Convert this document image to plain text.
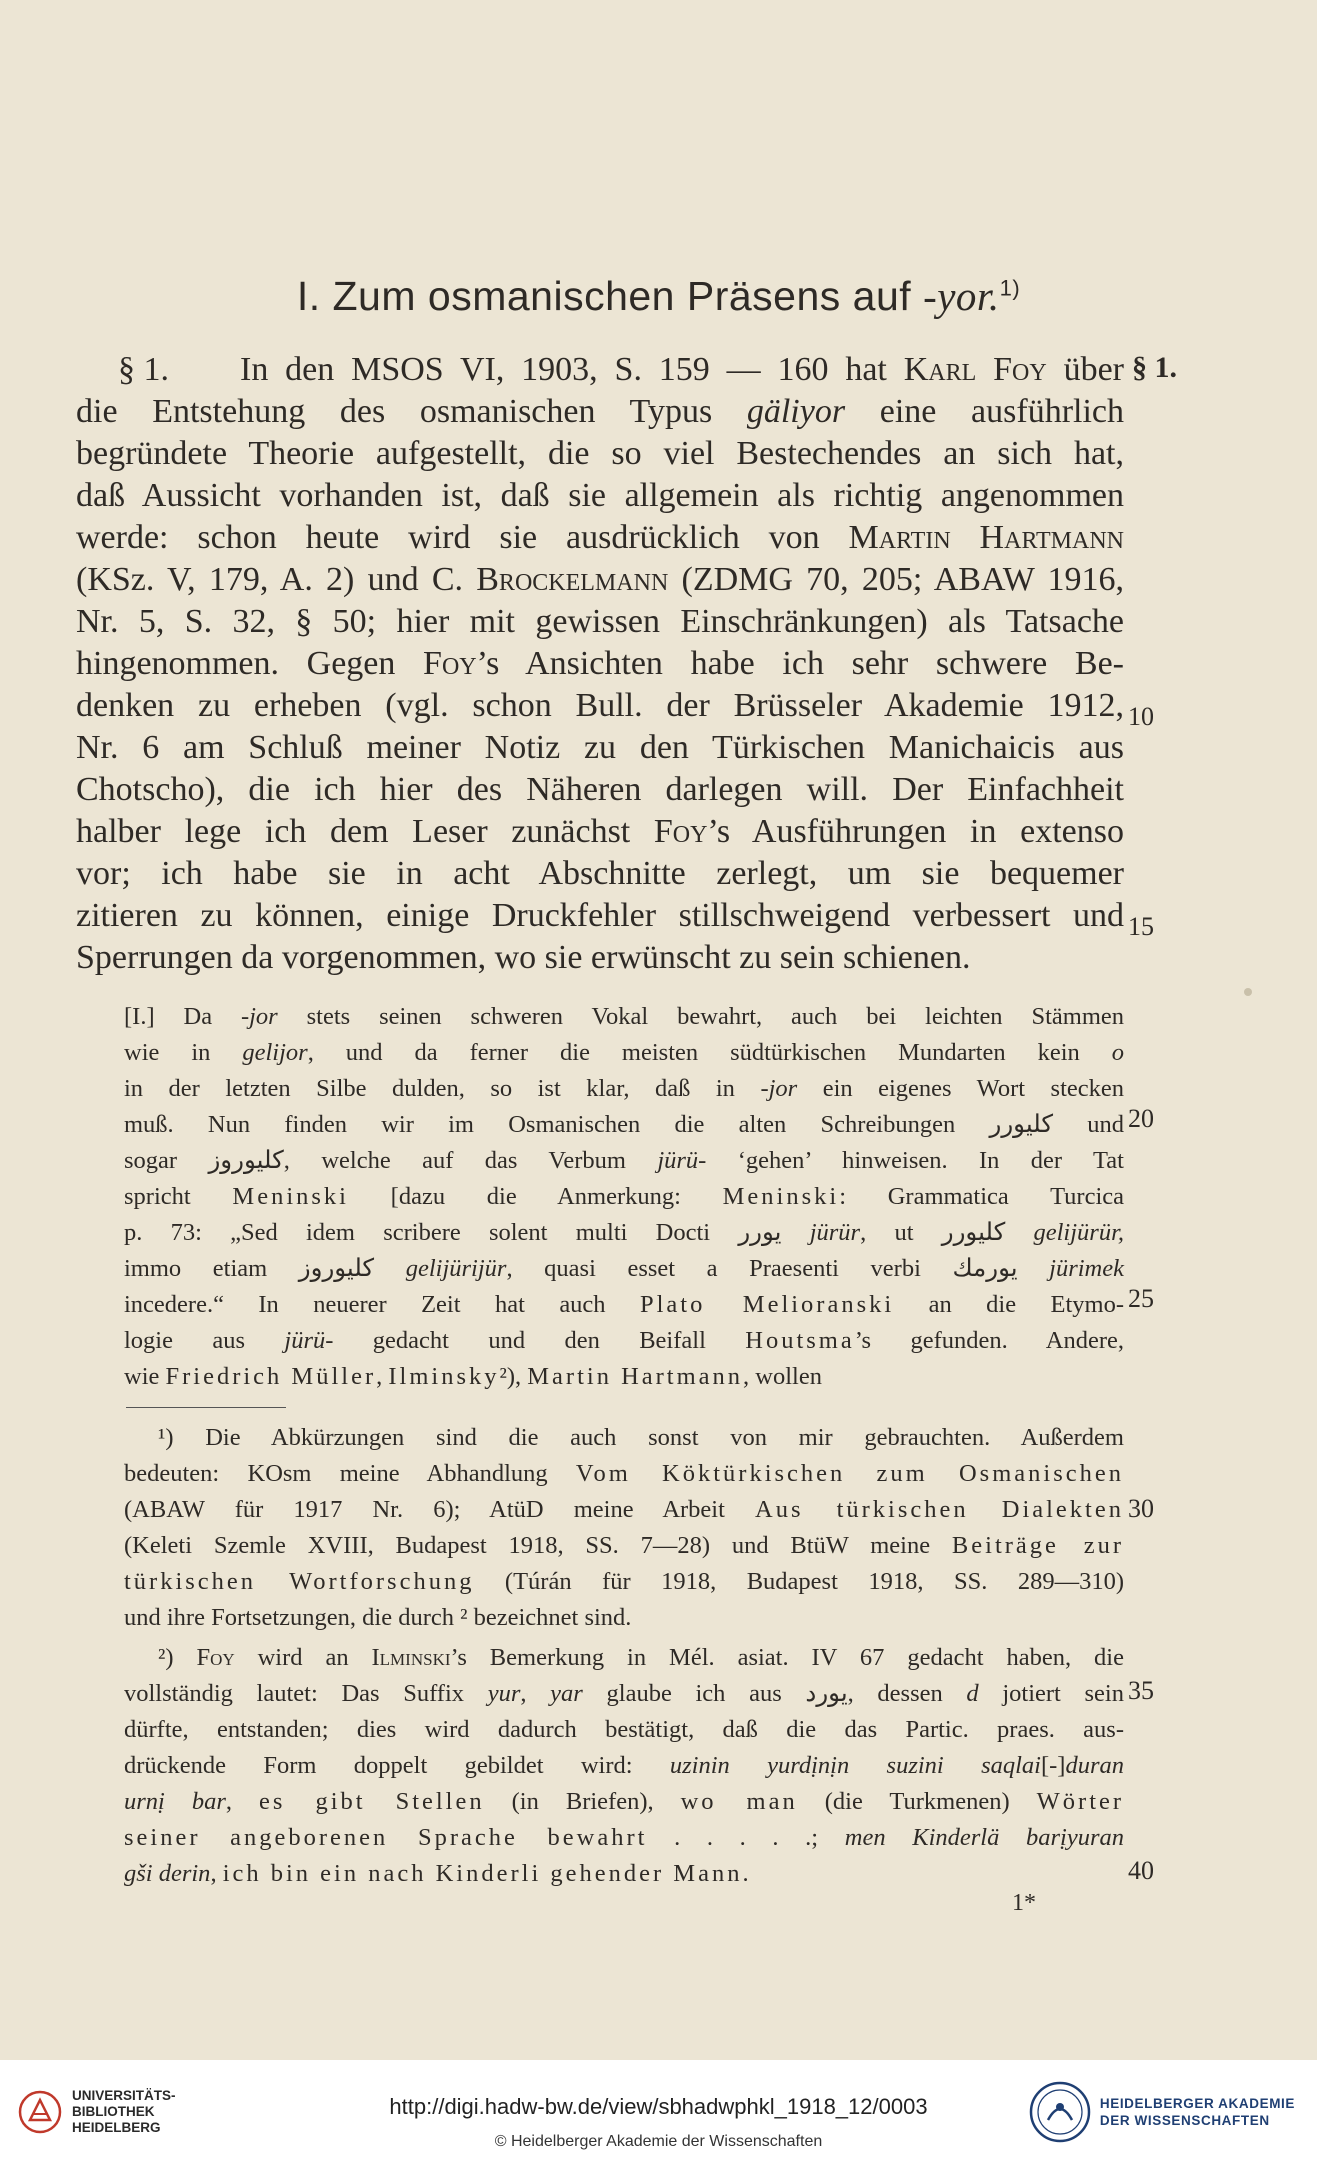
I. Zum osmanischen Präsens auf -yor.$^{1)}$
§ 1.	§ 1.
In den MSOS VI, 1903, S. 159 — 160 hat Karl Foy über
die Entstehung des osmanischen Typus gäliyor eine ausführlich
begründete Theorie aufgestellt, die so viel Bestechendes an sich hat,
daß Aussicht vorhanden ist, daß sie allgemein als richtig angenommen
werde: schon heute wird sie ausdrücklich von Martin Hartmann
(KSz. V, 179, A. 2) und C. Brockelmann (ZDMG 70, 205; ABAW 1916,
Nr. 5, S. 32, § 50; hier mit gewissen Einschränkungen) als Tatsache
hingenommen. Gegen Foy’s Ansichten habe ich sehr schwere Be-
denken zu erheben (vgl. schon Bull. der Brüsseler Akademie 1912,
Nr. 6 am Schluß meiner Notiz zu den Türkischen Manichaicis aus
Chotscho), die ich hier des Näheren darlegen will. Der Einfachheit
halber lege ich dem Leser zunächst Foy’s Ausführungen in extenso
vor; ich habe sie in acht Abschnitte zerlegt, um sie bequemer
zitieren zu können, einige Druckfehler stillschweigend verbessert und
Sperrungen da vorgenommen, wo sie erwünscht zu sein schienen.
10
15
[I.] Da -jor stets seinen schweren Vokal bewahrt, auch bei leichten Stämmen
wie in gelijor, und da ferner die meisten südtürkischen Mundarten kein o
in der letzten Silbe dulden, so ist klar, daß in -jor ein eigenes Wort stecken
muß. Nun finden wir im Osmanischen die alten Schreibungen کلیورر und
sogar کلیوروز, welche auf das Verbum jürü- ‘gehen’ hinweisen. In der Tat
spricht Meninski [dazu die Anmerkung: Meninski: Grammatica Turcica
p. 73: „Sed idem scribere solent multi Docti يورر jürür, ut كليورر gelijürür,
immo etiam كليوروز gelijürijür, quasi esset a Praesenti verbi يورمك jürimek
incedere.“ In neuerer Zeit hat auch Plato Melioranski an die Etymo-
logie aus jürü- gedacht und den Beifall Houtsma’s gefunden. Andere,
wie Friedrich Müller, Ilminsky²), Martin Hartmann, wollen
20
25
¹) Die Abkürzungen sind die auch sonst von mir gebrauchten. Außerdem
bedeuten: KOsm meine Abhandlung Vom Köktürkischen zum Osmanischen
(ABAW für 1917 Nr. 6); AtüD meine Arbeit Aus türkischen Dialekten
(Keleti Szemle XVIII, Budapest 1918, SS. 7—28) und BtüW meine Beiträge zur
türkischen Wortforschung (Túrán für 1918, Budapest 1918, SS. 289—310)
und ihre Fortsetzungen, die durch ² bezeichnet sind.
30
²) Foy wird an Ilminski’s Bemerkung in Mél. asiat. IV 67 gedacht haben, die
vollständig lautet: Das Suffix yur, yar glaube ich aus يورد, dessen d jotiert sein
dürfte, entstanden; dies wird dadurch bestätigt, daß die das Partic. praes. aus-
drückende Form doppelt gebildet wird: uzinin yurdịnịn suzini saqlai[-]duran
urnị bar, es gibt Stellen (in Briefen), wo man (die Turkmenen) Wörter
seiner angeborenen Sprache bewahrt . . . . .; men Kinderlä barịyuran
gši derin, ich bin ein nach Kinderli gehender Mann.
35
40
1*
UNIVERSITÄTS-
BIBLIOTHEK
HEIDELBERG
http://digi.hadw-bw.de/view/sbhadwphkl_1918_12/0003
© Heidelberger Akademie der Wissenschaften
HEIDELBERGER AKADEMIE
DER WISSENSCHAFTEN
